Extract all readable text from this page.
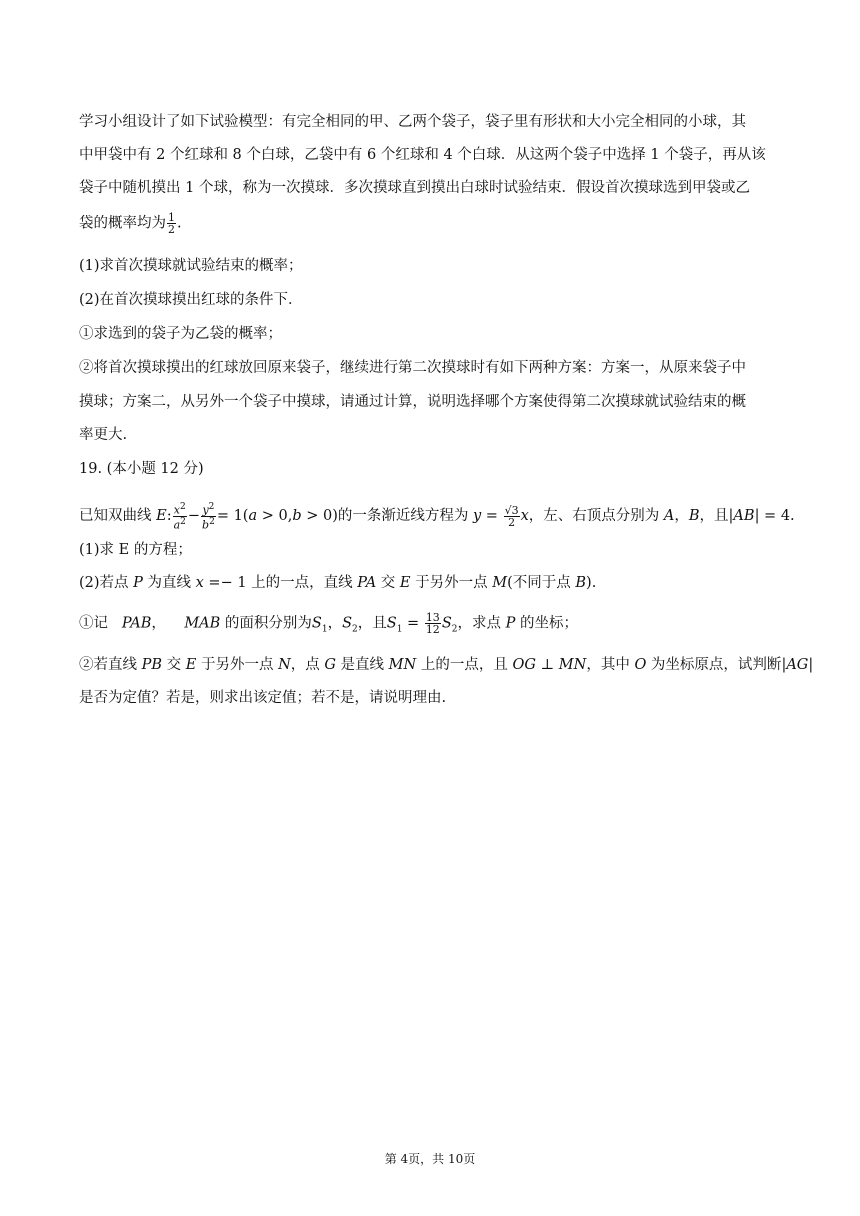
学习小组设计了如下试验模型：有完全相同的甲、乙两个袋子，袋子里有形状和大小完全相同的小球，其
中甲袋中有 2 个红球和 8 个白球，乙袋中有 6 个红球和 4 个白球．从这两个袋子中选择 1 个袋子，再从该
袋子中随机摸出 1 个球，称为一次摸球．多次摸球直到摸出白球时试验结束．假设首次摸球选到甲袋或乙
袋的概率均为 $\frac{1}{2}$ .
(1)求首次摸球就试验结束的概率；
(2)在首次摸球摸出红球的条件下．
①求选到的袋子为乙袋的概率；
②将首次摸球摸出的红球放回原来袋子，继续进行第二次摸球时有如下两种方案：方案一，从原来袋子中
摸球；方案二，从另外一个袋子中摸球，请通过计算，说明选择哪个方案使得第二次摸球就试验结束的概
率更大.
19. (本小题 12 分)
已知双曲线 E: $\frac{x^2}{a^2} - \frac{y^2}{b^2} = 1(a > 0,b > 0)$的一条渐近线方程为 $y = \frac{√3}{2}$ x，左、右顶点分别为 A，B，且|AB| = 4.
(1)求 E 的方程；
(2)若点 P 为直线 x =− 1 上的一点，直线 PA 交 E 于另外一点 M(不同于点 B).
①记   PAB，    MAB 的面积分别为$S_1$，$S_2$，且$S_1 = \frac{13}{12} S_2$，求点 P 的坐标；
②若直线 PB 交 E 于另外一点 N，点 G 是直线 MN 上的一点，且 OG ⊥ MN，其中 O 为坐标原点，试判断|AG|
是否为定值？若是，则求出该定值；若不是，请说明理由.
第 4页，共 10页
